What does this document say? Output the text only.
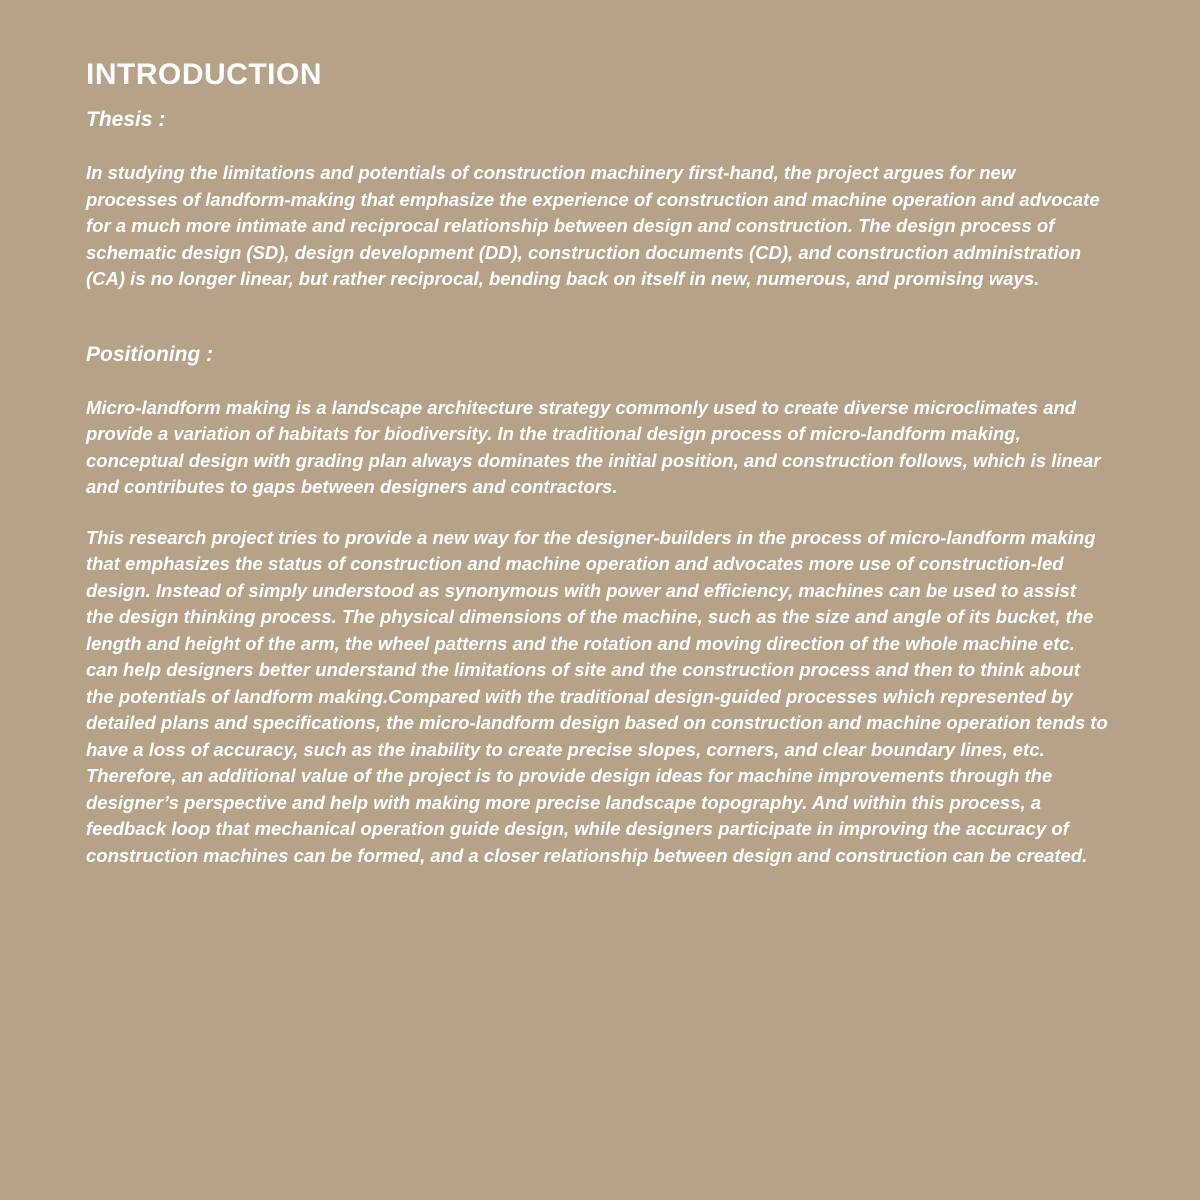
INTRODUCTION
Thesis :

In studying the limitations and potentials of construction machinery first-hand, the project argues for new processes of landform-making that emphasize the experience of construction and machine operation and advocate for a much more intimate and reciprocal relationship between design and construction. The design process of schematic design (SD), design development (DD), construction documents (CD), and construction administration (CA) is no longer linear, but rather reciprocal, bending back on itself in new, numerous, and promising ways.

Positioning :

Micro-landform making is a landscape architecture strategy commonly used to create diverse microclimates and provide a variation of habitats for biodiversity. In the traditional design process of micro-landform making, conceptual design with grading plan always dominates the initial position, and construction follows, which is linear and contributes to gaps between designers and contractors.

This research project tries to provide a new way for the designer-builders in the process of micro-landform making that emphasizes the status of construction and machine operation and advocates more use of construction-led design. Instead of simply understood as synonymous with power and efficiency, machines can be used to assist the design thinking process. The physical dimensions of the machine, such as the size and angle of its bucket, the length and height of the arm, the wheel patterns and the rotation and moving direction of the whole machine etc. can help designers better understand the limitations of site and the construction process and then to think about the potentials of landform making.Compared with the traditional design-guided processes which represented by detailed plans and specifications, the micro-landform design based on construction and machine operation tends to have a loss of accuracy, such as the inability to create precise slopes, corners, and clear boundary lines, etc. Therefore, an additional value of the project is to provide design ideas for machine improvements through the designer’s perspective and help with making more precise landscape topography. And within this process, a feedback loop that mechanical operation guide design, while designers participate in improving the accuracy of construction machines can be formed, and a closer relationship between design and construction can be created.
